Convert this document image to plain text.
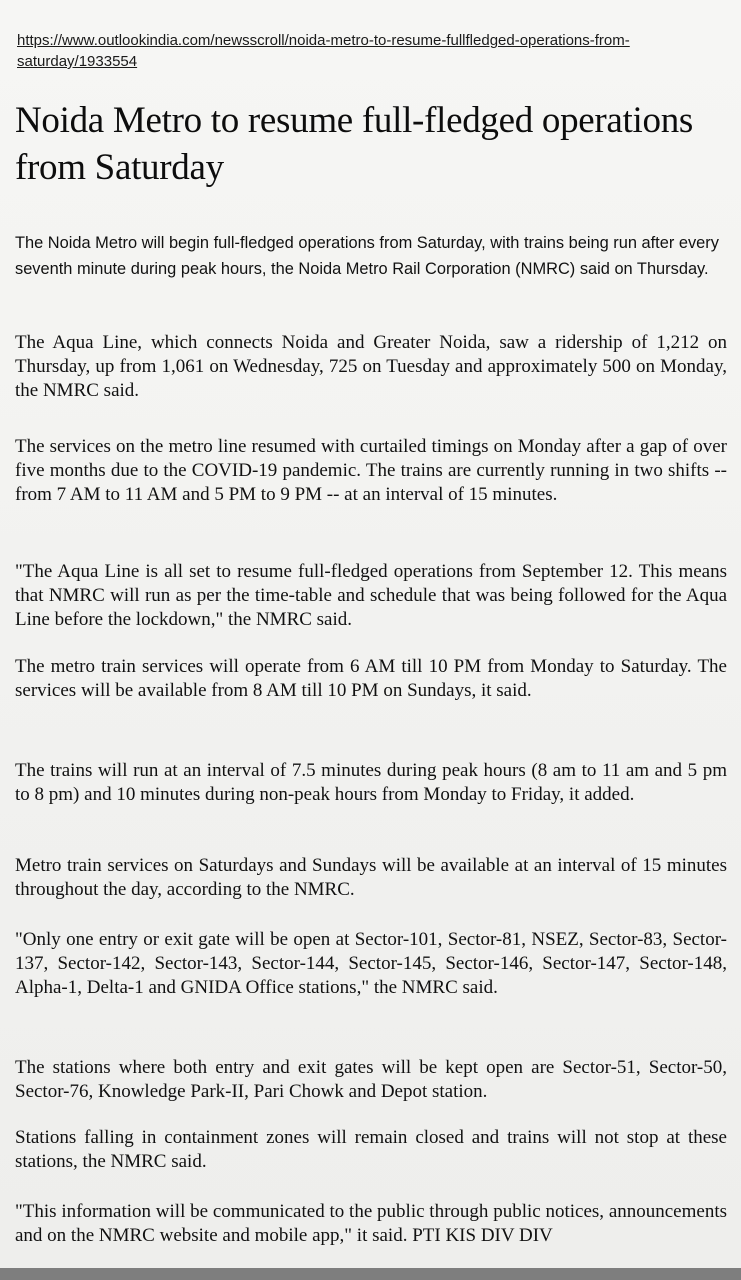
https://www.outlookindia.com/newsscroll/noida-metro-to-resume-fullfledged-operations-from-saturday/1933554
Noida Metro to resume full-fledged operations from Saturday

The Noida Metro will begin full-fledged operations from Saturday, with trains being run after every seventh minute during peak hours, the Noida Metro Rail Corporation (NMRC) said on Thursday.

The Aqua Line, which connects Noida and Greater Noida, saw a ridership of 1,212 on Thursday, up from 1,061 on Wednesday, 725 on Tuesday and approximately 500 on Monday, the NMRC said.

The services on the metro line resumed with curtailed timings on Monday after a gap of over five months due to the COVID-19 pandemic. The trains are currently running in two shifts -- from 7 AM to 11 AM and 5 PM to 9 PM -- at an interval of 15 minutes.

"The Aqua Line is all set to resume full-fledged operations from September 12. This means that NMRC will run as per the time-table and schedule that was being followed for the Aqua Line before the lockdown," the NMRC said.

The metro train services will operate from 6 AM till 10 PM from Monday to Saturday. The services will be available from 8 AM till 10 PM on Sundays, it said.

The trains will run at an interval of 7.5 minutes during peak hours (8 am to 11 am and 5 pm to 8 pm) and 10 minutes during non-peak hours from Monday to Friday, it added.

Metro train services on Saturdays and Sundays will be available at an interval of 15 minutes throughout the day, according to the NMRC.

"Only one entry or exit gate will be open at Sector-101, Sector-81, NSEZ, Sector-83, Sector-137, Sector-142, Sector-143, Sector-144, Sector-145, Sector-146, Sector-147, Sector-148, Alpha-1, Delta-1 and GNIDA Office stations," the NMRC said.

The stations where both entry and exit gates will be kept open are Sector-51, Sector-50, Sector-76, Knowledge Park-II, Pari Chowk and Depot station.

Stations falling in containment zones will remain closed and trains will not stop at these stations, the NMRC said.

"This information will be communicated to the public through public notices, announcements and on the NMRC website and mobile app," it said. PTI KIS DIV DIV
